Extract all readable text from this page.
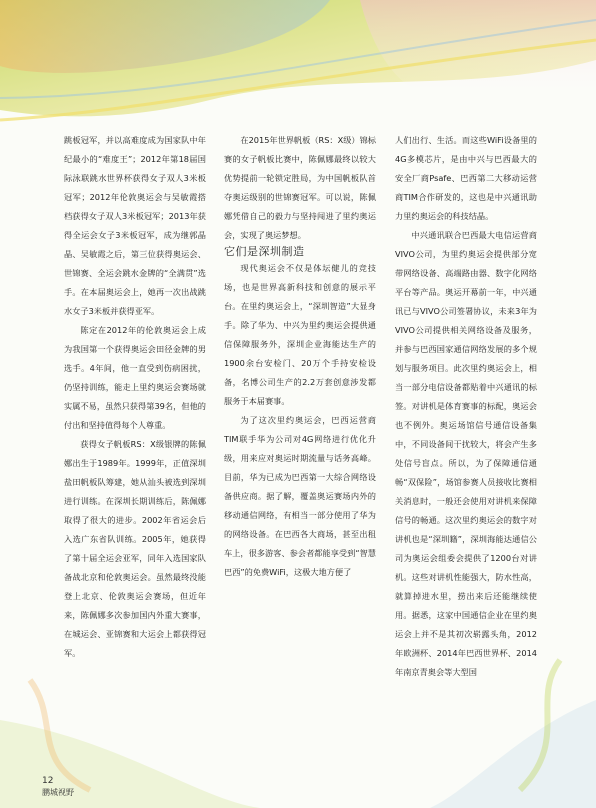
跳板冠军，并以高难度成为国家队中年纪最小的“难度王”；2012年第18届国际泳联跳水世界杯获得女子双人3米板冠军；2012年伦敦奥运会与吴敏霞搭档获得女子双人3米板冠军；2013年获得全运会女子3米板冠军，成为继郭晶晶、吴敏霞之后，第三位获得奥运会、世锦赛、全运会跳水金牌的“全满贯”选手。在本届奥运会上，她再一次出战跳水女子3米板并获得亚军。

陈定在2012年的伦敦奥运会上成为我国第一个获得奥运会田径金牌的男选手。4年间，他一直受到伤病困扰，仍坚持训练，能走上里约奥运会赛场就实属不易，虽然只获得第39名，但他的付出和坚持值得每个人尊重。

获得女子帆板RS：X级银牌的陈佩娜出生于1989年。1999年，正值深圳盐田帆板队筹建，她从汕头被选到深圳进行训练。在深圳长期训练后，陈佩娜取得了很大的进步。2002年省运会后入选广东省队训练。2005年，她获得了第十届全运会亚军，同年入选国家队备战北京和伦敦奥运会。虽然最终没能登上北京、伦敦奥运会赛场，但近年来，陈佩娜多次参加国内外重大赛事，在城运会、亚锦赛和大运会上都获得冠军。

在2015年世界帆板（RS：X级）锦标赛的女子帆板比赛中，陈佩娜最终以较大优势提前一轮锁定胜局，为中国帆板队首夺奥运级别的世锦赛冠军。可以说，陈佩娜凭借自己的毅力与坚持闯进了里约奥运会，实现了奥运梦想。

它们是深圳制造

现代奥运会不仅是体坛健儿的竞技场，也是世界高新科技和创意的展示平台。在里约奥运会上，“深圳智造”大显身手。除了华为、中兴为里约奥运会提供通信保障服务外，深圳企业海能达生产的1900余台安检门、20万个手持安检设备，名博公司生产的2.2万套创意涉发都服务于本届赛事。

为了这次里约奥运会，巴西运营商TIM联手华为公司对4G网络进行优化升级，用来应对奥运时期流量与话务高峰。目前，华为已成为巴西第一大综合网络设备供应商。据了解，覆盖奥运赛场内外的移动通信网络，有相当一部分使用了华为的网络设备。在巴西各大商场，甚至出租车上，很多游客、参会者都能享受到“智慧巴西”的免费WiFi，这极大地方便了

人们出行、生活。而这些WiFi设备里的4G多模芯片，是由中兴与巴西最大的安全厂商Psafe、巴西第二大移动运营商TIM合作研发的，这也是中兴通讯助力里约奥运会的科技结晶。

中兴通讯联合巴西最大电信运营商VIVO公司，为里约奥运会提供部分宽带网络设备、高端路由器、数字化网络平台等产品。奥运开幕前一年，中兴通讯已与VIVO公司签署协议，未来3年为VIVO公司提供相关网络设备及服务，并参与巴西国家通信网络发展的多个规划与服务项目。此次里约奥运会上，相当一部分电信设备都贴着中兴通讯的标签。对讲机是体育赛事的标配，奥运会也不例外。奥运场馆信号通信设备集中，不同设备间干扰较大，将会产生多处信号盲点。所以，为了保障通信通畅“双保险”，场馆参赛人员接收比赛相关消息时，一般还会使用对讲机来保障信号的畅通。这次里约奥运会的数字对讲机也是“深圳籍”，深圳海能达通信公司为奥运会组委会提供了1200台对讲机。这些对讲机性能强大，防水性高，就算掉进水里，捞出来后还能继续使用。据悉，这家中国通信企业在里约奥运会上并不是其初次崭露头角，2012年欧洲杯、2014年巴西世界杯、2014年南京青奥会等大型国

12
鹏城视野
